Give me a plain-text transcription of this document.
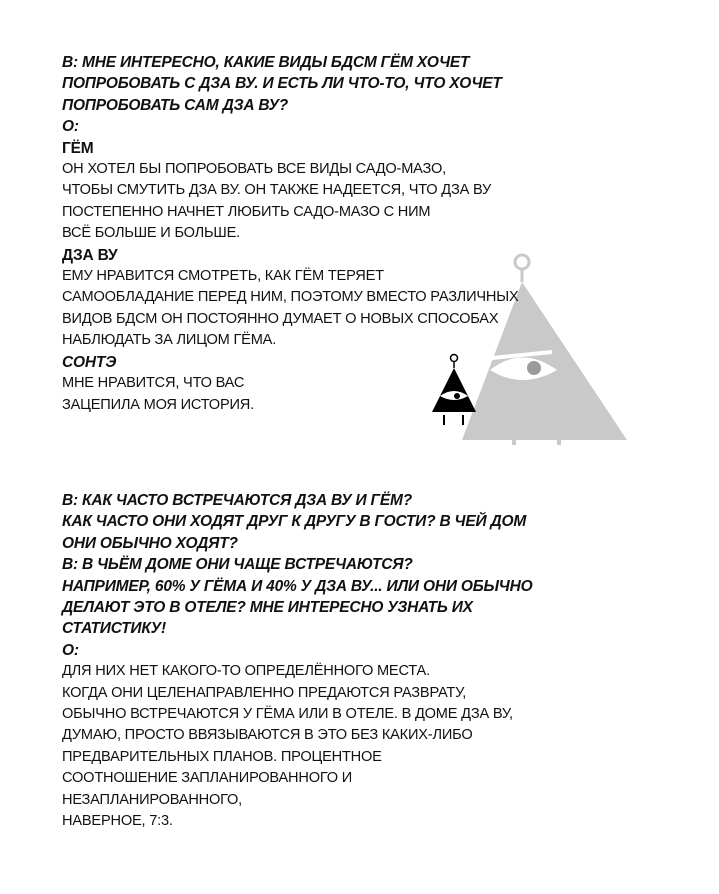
В: МНЕ ИНТЕРЕСНО, КАКИЕ ВИДЫ БДСМ ГЁМ ХОЧЕТ
ПОПРОБОВАТЬ С ДЗА ВУ. И ЕСТЬ ЛИ ЧТО-ТО, ЧТО ХОЧЕТ
ПОПРОБОВАТЬ САМ ДЗА ВУ?
О:
ГЁМ
ОН ХОТЕЛ БЫ ПОПРОБОВАТЬ ВСЕ ВИДЫ САДО-МАЗО,
ЧТОБЫ СМУТИТЬ ДЗА ВУ. ОН ТАКЖЕ НАДЕЕТСЯ, ЧТО ДЗА ВУ
ПОСТЕПЕННО НАЧНЕТ ЛЮБИТЬ САДО-МАЗО С НИМ
ВСЁ БОЛЬШЕ И БОЛЬШЕ.
ДЗА ВУ
ЕМУ НРАВИТСЯ СМОТРЕТЬ, КАК ГЁМ ТЕРЯЕТ
САМООБЛАДАНИЕ ПЕРЕД НИМ, ПОЭТОМУ ВМЕСТО РАЗЛИЧНЫХ
ВИДОВ БДСМ ОН ПОСТОЯННО ДУМАЕТ О НОВЫХ СПОСОБАХ
НАБЛЮДАТЬ ЗА ЛИЦОМ ГЁМА.
СОНТЭ
МНЕ НРАВИТСЯ, ЧТО ВАС
ЗАЦЕПИЛА МОЯ ИСТОРИЯ.
В: КАК ЧАСТО ВСТРЕЧАЮТСЯ ДЗА ВУ И ГЁМ?
КАК ЧАСТО ОНИ ХОДЯТ ДРУГ К ДРУГУ В ГОСТИ? В ЧЕЙ ДОМ
ОНИ ОБЫЧНО ХОДЯТ?
В: В ЧЬЁМ ДОМЕ ОНИ ЧАЩЕ ВСТРЕЧАЮТСЯ?
НАПРИМЕР, 60% У ГЁМА И 40% У ДЗА ВУ... ИЛИ ОНИ ОБЫЧНО
ДЕЛАЮТ ЭТО В ОТЕЛЕ? МНЕ ИНТЕРЕСНО УЗНАТЬ ИХ
СТАТИСТИКУ!
О:
ДЛЯ НИХ НЕТ КАКОГО-ТО ОПРЕДЕЛЁННОГО МЕСТА.
КОГДА ОНИ ЦЕЛЕНАПРАВЛЕННО ПРЕДАЮТСЯ РАЗВРАТУ,
ОБЫЧНО ВСТРЕЧАЮТСЯ У ГЁМА ИЛИ В ОТЕЛЕ. В ДОМЕ ДЗА ВУ,
ДУМАЮ, ПРОСТО ВВЯЗЫВАЮТСЯ В ЭТО БЕЗ КАКИХ-ЛИБО
ПРЕДВАРИТЕЛЬНЫХ ПЛАНОВ. ПРОЦЕНТНОЕ
СООТНОШЕНИЕ ЗАПЛАНИРОВАННОГО И
НЕЗАПЛАНИРОВАННОГО,
НАВЕРНОЕ, 7:3.
